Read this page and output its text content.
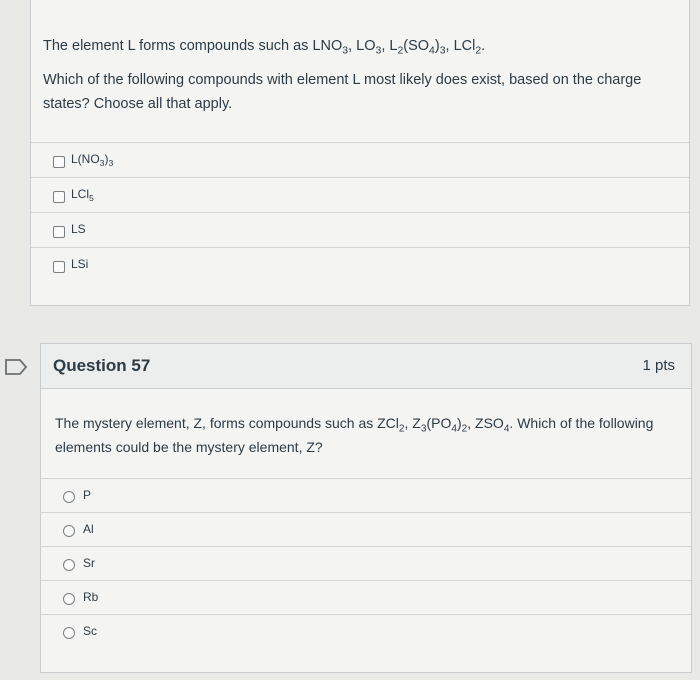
The element L forms compounds such as $LNO_3$, $LO_3$, $L_2(SO_4)_3$, LCl$_2$.

Which of the following compounds with element L most likely does exist, based on the charge states? Choose all that apply.

$L(NO_3)_3$
LCl$_5$
LS
LSi
Question 57	1 pts
The mystery element, Z, forms compounds such as ZCl$_2$, $Z_3(PO_4)_2$, $ZSO_4$. Which of the following elements could be the mystery element, Z?
P
Al
Sr
Rb
Sc
